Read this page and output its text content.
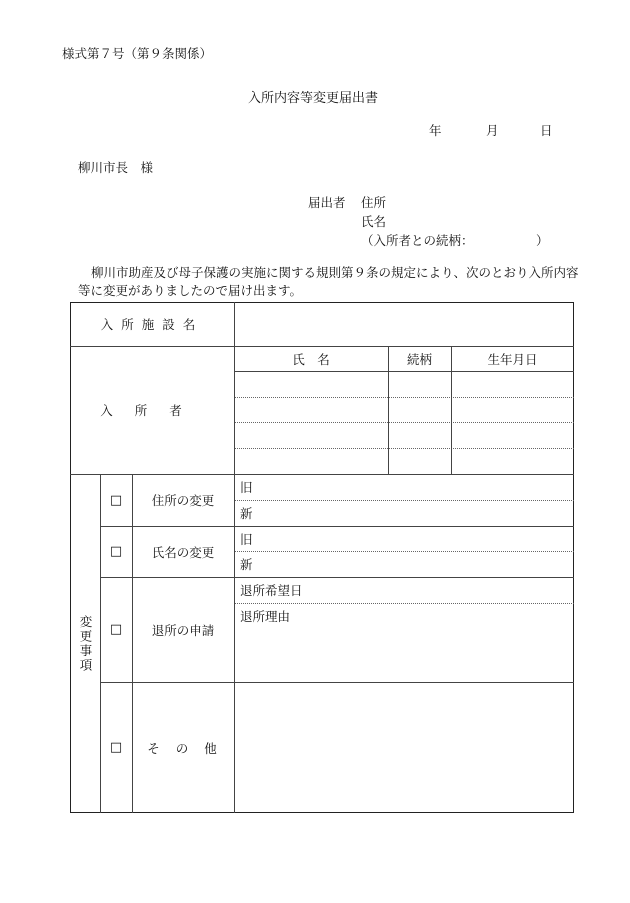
様式第７号（第９条関係）
入所内容等変更届出書
年	月	日
柳川市長　様
届出者 住所
氏名
（入所者との続柄：	）
柳川市助産及び母子保護の実施に関する規則第９条の規定により、次のとおり入所内容等に変更がありましたので届け出ます。
入所施設名
入所者
氏　名	続柄	生年月日
変更事項
□	住所の変更
旧
新
□	氏名の変更
旧
新
□	退所の申請
退所希望日
退所理由
□	その他
